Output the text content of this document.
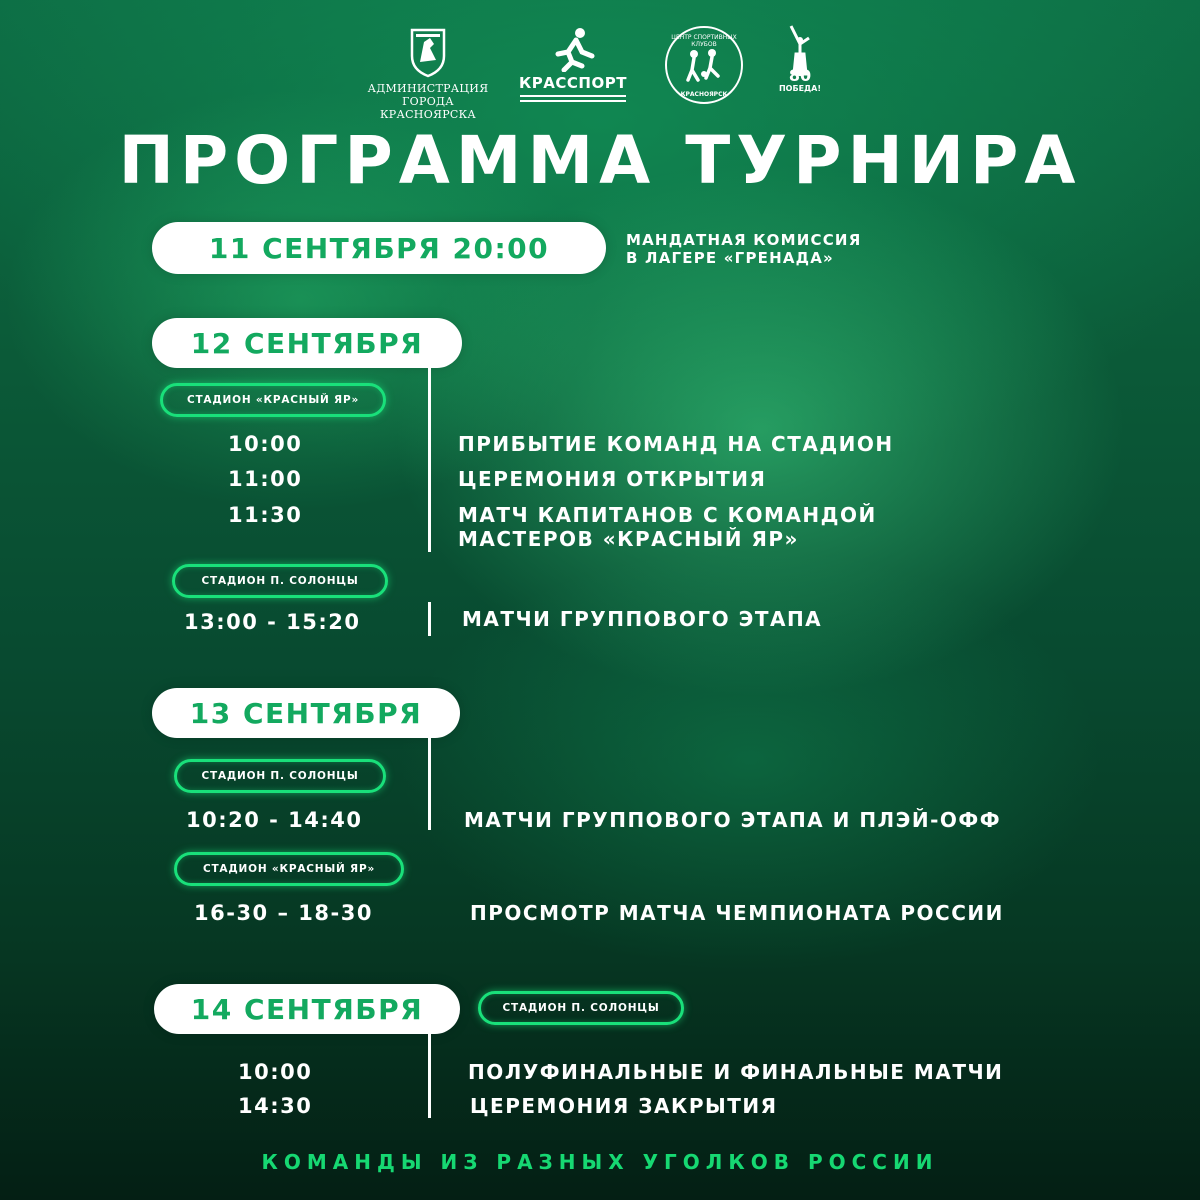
АДМИНИСТРАЦИЯ
ГОРОДА КРАСНОЯРСКА
КРАССПОРТ
ЦЕНТР СПОРТИВНЫХ КЛУБОВ
КРАСНОЯРСК
80
ПОБЕДА!
ПРОГРАММА ТУРНИРА
11 СЕНТЯБРЯ 20:00	МАНДАТНАЯ КОМИССИЯ
В ЛАГЕРЕ «ГРЕНАДА»
12 СЕНТЯБРЯ
СТАДИОН «КРАСНЫЙ ЯР»
10:00	ПРИБЫТИЕ КОМАНД НА СТАДИОН
11:00	ЦЕРЕМОНИЯ ОТКРЫТИЯ
11:30	МАТЧ КАПИТАНОВ С КОМАНДОЙ
МАСТЕРОВ «КРАСНЫЙ ЯР»
СТАДИОН П. СОЛОНЦЫ
13:00 - 15:20	МАТЧИ ГРУППОВОГО ЭТАПА
13 СЕНТЯБРЯ
СТАДИОН П. СОЛОНЦЫ
10:20 - 14:40	МАТЧИ ГРУППОВОГО ЭТАПА И ПЛЭЙ-ОФФ
СТАДИОН «КРАСНЫЙ ЯР»
16-30 – 18-30	ПРОСМОТР МАТЧА ЧЕМПИОНАТА РОССИИ
14 СЕНТЯБРЯ	СТАДИОН П. СОЛОНЦЫ
10:00	ПОЛУФИНАЛЬНЫЕ И ФИНАЛЬНЫЕ МАТЧИ
14:30	ЦЕРЕМОНИЯ ЗАКРЫТИЯ
КОМАНДЫ ИЗ РАЗНЫХ УГОЛКОВ РОССИИ
